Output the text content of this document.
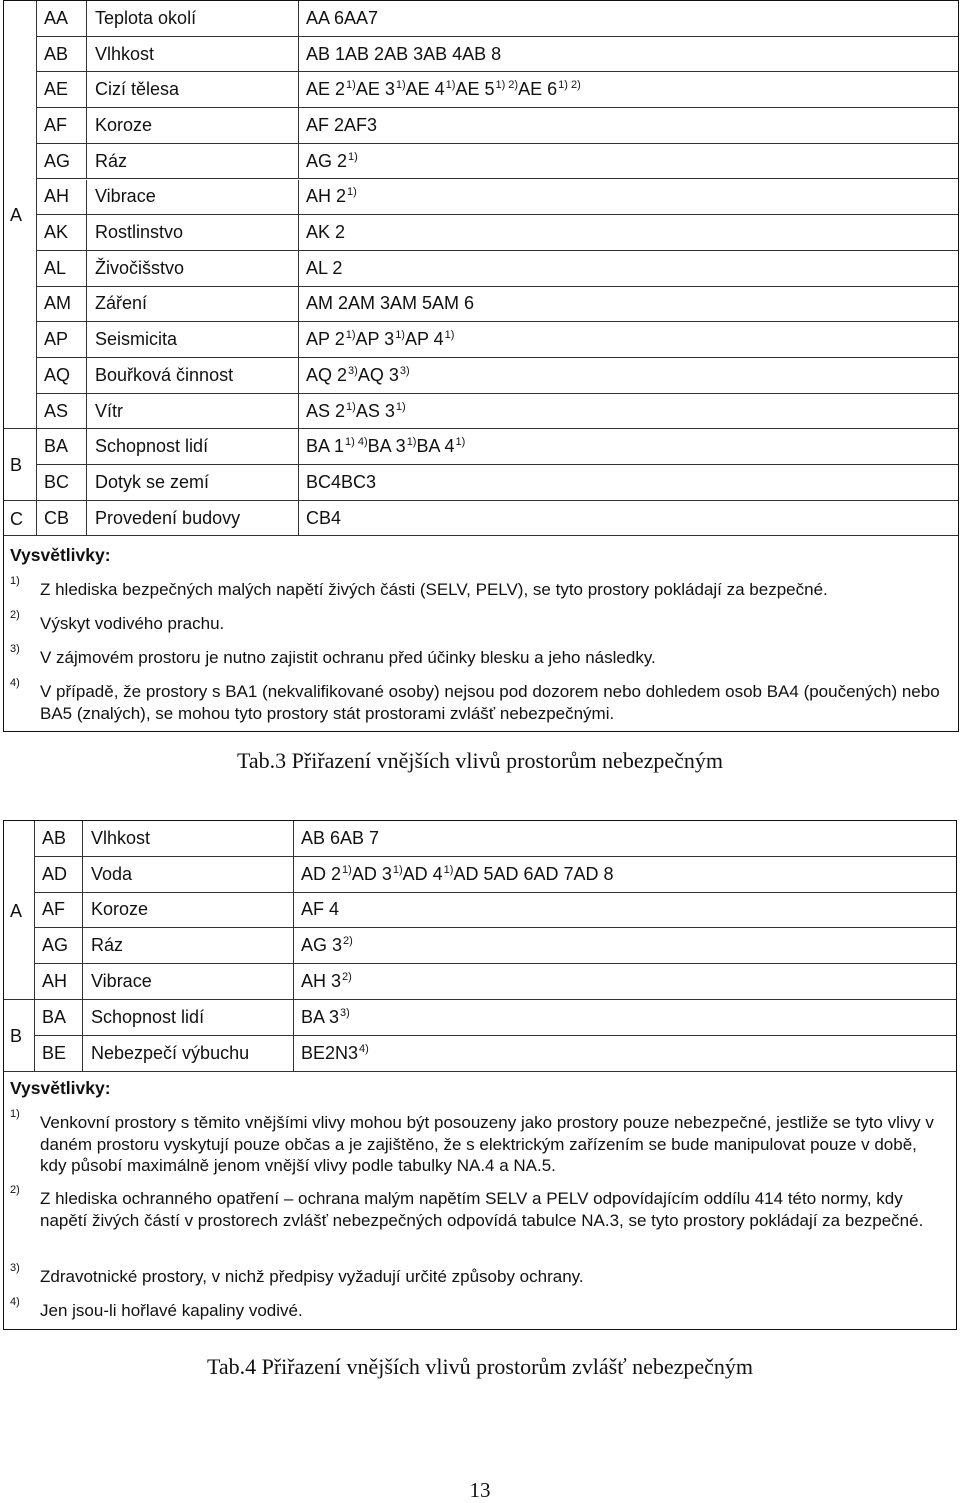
AA	Teplota okolí	AA 6 AA7
AB	Vlhkost	AB 1 AB 2 AB 3 AB 4 AB 8
AE	Cizí tělesa	AE 2$^{1)}$ AE 3$^{1)}$ AE 4$^{1)}$ AE $5^{1) 2)}$ AE $6^{1) 2)}$
AF	Koroze	AF 2 AF3
AG	Ráz	AG 2$^{1)}$
AH	Vibrace	AH 2$^{1)}$
AK	Rostlinstvo	AK 2
AL	Živočišstvo	AL 2
AM	Záření	AM 2 AM 3 AM 5 AM 6
AP	Seismicita	AP 2$^{1)}$ AP 3$^{1)}$ AP 4$^{1)}$
AQ	Bouřková činnost	AQ 2$^{3)}$ AQ 3$^{3)}$
AS	Vítr	AS 2$^{1)}$ AS 3$^{1)}$
A
BA	Schopnost lidí	BA $1^{1) 4)}$ BA 3$^{1)}$ BA 4$^{1)}$
BC	Dotyk se zemí	BC4 BC3
B
CB	Provedení budovy	CB4
C
Vysvětlivky:
1) Z hlediska bezpečných malých napětí živých části (SELV, PELV), se tyto prostory pokládají za bezpečné.
2) Výskyt vodivého prachu.
3) V zájmovém prostoru je nutno zajistit ochranu před účinky blesku a jeho následky.
4) V případě, že prostory s BA1 (nekvalifikované osoby) nejsou pod dozorem nebo dohledem osob BA4 (poučených) nebo BA5 (znalých), se mohou tyto prostory stát prostorami zvlášť nebezpečnými.
Tab.3 Přiřazení vnějších vlivů prostorům nebezpečným
AB	Vlhkost	AB 6 AB 7
AD	Voda	AD 2$^{1)}$ AD 3$^{1)}$ AD 4$^{1)}$ AD 5 AD 6 AD 7 AD 8
AF	Koroze	AF 4
AG	Ráz	AG 3$^{2)}$
AH	Vibrace	AH 3$^{2)}$
A
BA	Schopnost lidí	BA 3$^{3)}$
BE	Nebezpečí výbuchu	BE2N3$^{4)}$
B
Vysvětlivky:
1) Venkovní prostory s těmito vnějšími vlivy mohou být posouzeny jako prostory pouze nebezpečné, jestliže se tyto vlivy v daném prostoru vyskytují pouze občas a je zajištěno, že s elektrickým zařízením se bude manipulovat pouze v době, kdy působí maximálně jenom vnější vlivy podle tabulky NA.4 a NA.5.
2) Z hlediska ochranného opatření – ochrana malým napětím SELV a PELV odpovídajícím oddílu 414 této normy, kdy napětí živých částí v prostorech zvlášť nebezpečných odpovídá tabulce NA.3, se tyto prostory pokládají za bezpečné.
3) Zdravotnické prostory, v nichž předpisy vyžadují určité způsoby ochrany.
4) Jen jsou-li hořlavé kapaliny vodivé.
Tab.4 Přiřazení vnějších vlivů prostorům zvlášť nebezpečným
13
